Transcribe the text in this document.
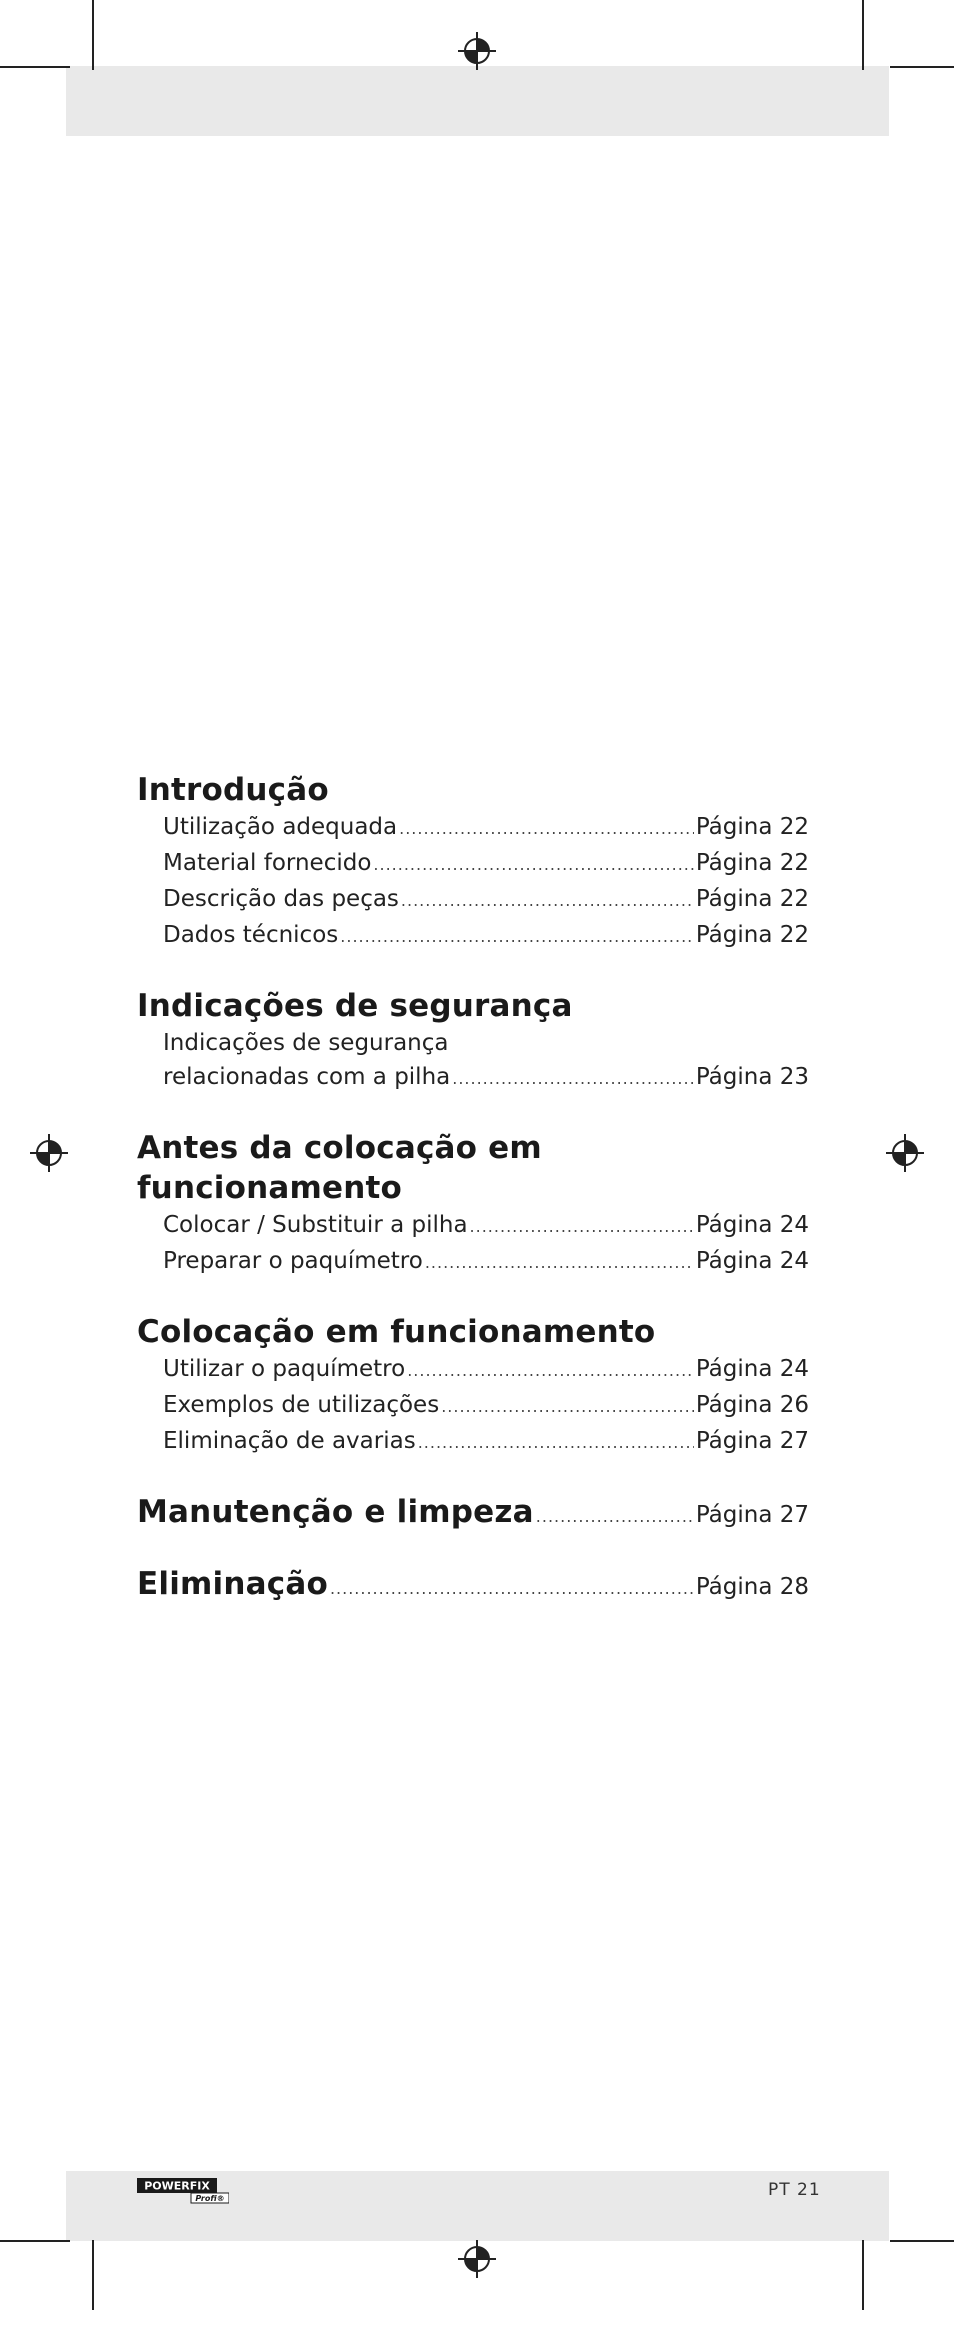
Introdução
Utilização adequada .....	Página 22
Material fornecido .....	Página 22
Descrição das peças .....	Página 22
Dados técnicos .....	Página 22
Indicações de segurança
Indicações de segurança
relacionadas com a pilha .....	Página 23
Antes da colocação em funcionamento
Colocar / Substituir a pilha .....	Página 24
Preparar o paquímetro .....	Página 24
Colocação em funcionamento
Utilizar o paquímetro .....	Página 24
Exemplos de utilizações .....	Página 26
Eliminação de avarias .....	Página 27
Manutenção e limpeza .....	Página 27
Eliminação .....	Página 28
POWERFIX
Profi®	PT 21
